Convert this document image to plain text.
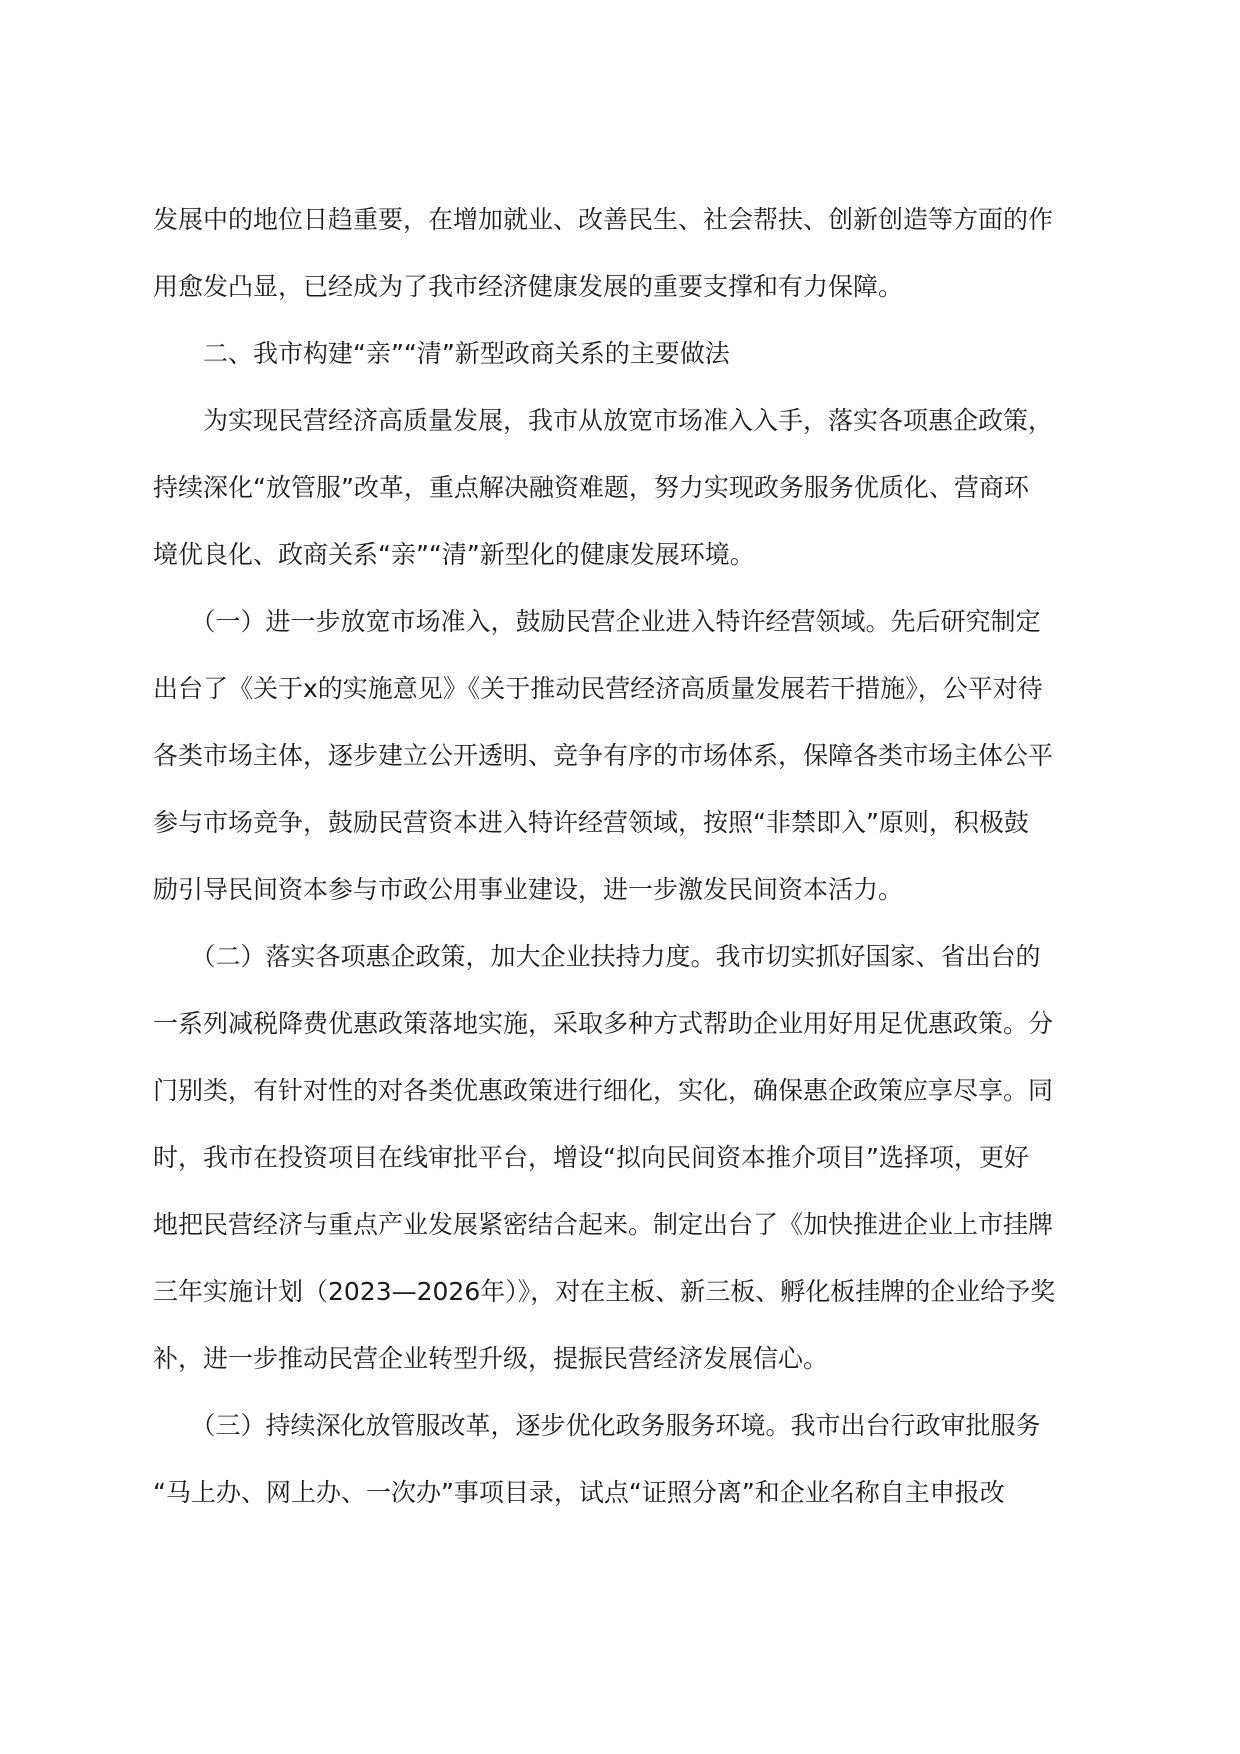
发展中的地位日趋重要，在增加就业、改善民生、社会帮扶、创新创造等方面的作
用愈发凸显，已经成为了我市经济健康发展的重要支撑和有力保障。
　　二、我市构建“亲”“清”新型政商关系的主要做法
　　为实现民营经济高质量发展，我市从放宽市场准入入手，落实各项惠企政策，
持续深化“放管服”改革，重点解决融资难题，努力实现政务服务优质化、营商环
境优良化、政商关系“亲”“清”新型化的健康发展环境。
　　（一）进一步放宽市场准入，鼓励民营企业进入特许经营领域。先后研究制定
出台了《关于x的实施意见》《关于推动民营经济高质量发展若干措施》，公平对待
各类市场主体，逐步建立公开透明、竞争有序的市场体系，保障各类市场主体公平
参与市场竞争，鼓励民营资本进入特许经营领域，按照“非禁即入”原则，积极鼓
励引导民间资本参与市政公用事业建设，进一步激发民间资本活力。
　　（二）落实各项惠企政策，加大企业扶持力度。我市切实抓好国家、省出台的
一系列减税降费优惠政策落地实施，采取多种方式帮助企业用好用足优惠政策。分
门别类，有针对性的对各类优惠政策进行细化，实化，确保惠企政策应享尽享。同
时，我市在投资项目在线审批平台，增设“拟向民间资本推介项目”选择项，更好
地把民营经济与重点产业发展紧密结合起来。制定出台了《加快推进企业上市挂牌
三年实施计划（2023—2026年）》，对在主板、新三板、孵化板挂牌的企业给予奖
补，进一步推动民营企业转型升级，提振民营经济发展信心。
　　（三）持续深化放管服改革，逐步优化政务服务环境。我市出台行政审批服务
“马上办、网上办、一次办”事项目录，试点“证照分离”和企业名称自主申报改
